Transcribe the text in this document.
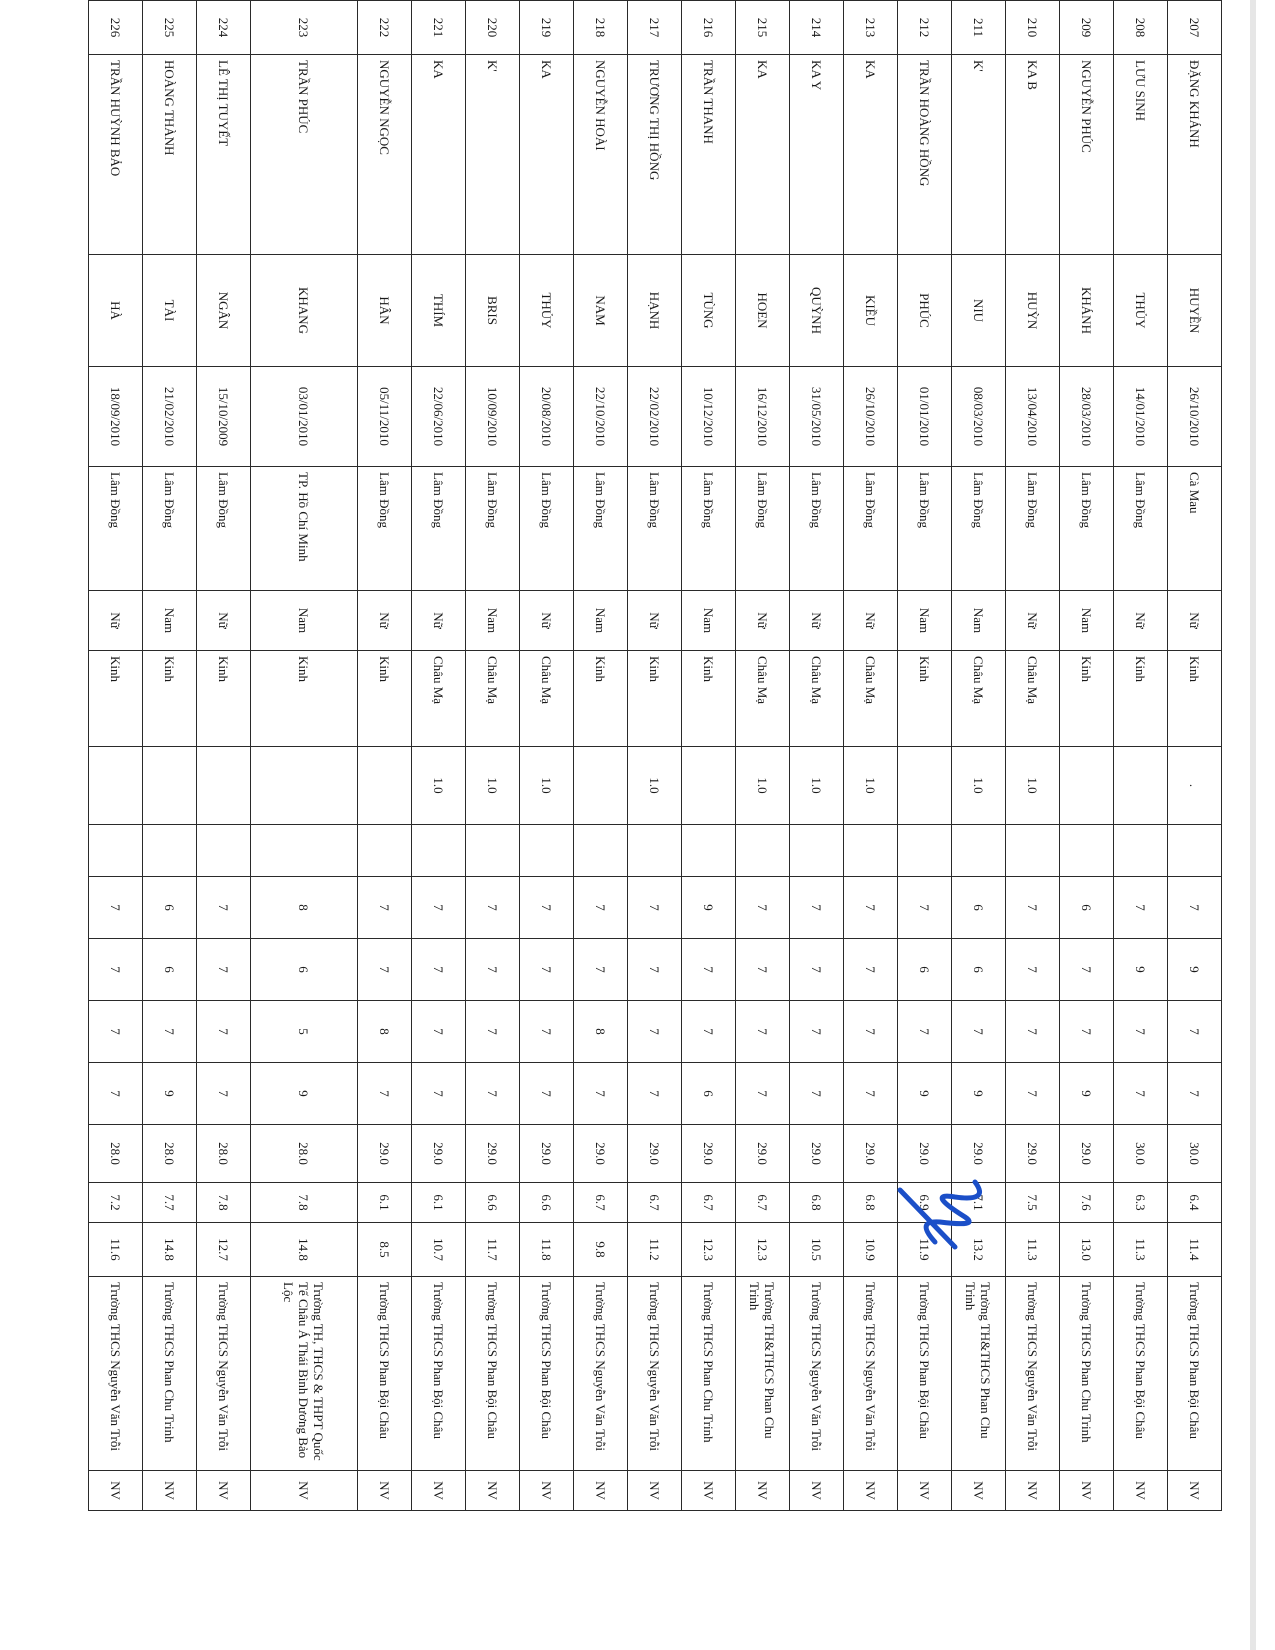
207	ĐẶNG KHÁNH	HUYỀN	26/10/2010	Cà Mau	Nữ	Kinh	.		7	9	7	7	30.0	6.4	11.4	Trường THCS Phan Bội Châu	NV
208	LƯU SINH	THỦY	14/01/2010	Lâm Đồng	Nữ	Kinh			7	9	7	7	30.0	6.3	11.3	Trường THCS Phan Bội Châu	NV
209	NGUYỄN PHÚC	KHÁNH	28/03/2010	Lâm Đồng	Nam	Kinh			6	7	7	9	29.0	7.6	13.0	Trường THCS Phan Chu Trinh	NV
210	KA B	HUỲN	13/04/2010	Lâm Đồng	Nữ	Châu Mạ	1.0		7	7	7	7	29.0	7.5	11.3	Trường THCS Nguyễn Văn Trỗi	NV
211	K'	NIU	08/03/2010	Lâm Đồng	Nam	Châu Mạ	1.0		6	6	7	9	29.0	7.1	13.2	Trường TH&THCS Phan Chu Trinh	NV
212	TRẦN HOÀNG HỒNG	PHÚC	01/01/2010	Lâm Đồng	Nam	Kinh			7	6	7	9	29.0	6.9	11.9	Trường THCS Phan Bội Châu	NV
213	KA	KIỀU	26/10/2010	Lâm Đồng	Nữ	Châu Mạ	1.0		7	7	7	7	29.0	6.8	10.9	Trường THCS Nguyễn Văn Trỗi	NV
214	KA Y	QUỲNH	31/05/2010	Lâm Đồng	Nữ	Châu Mạ	1.0		7	7	7	7	29.0	6.8	10.5	Trường THCS Nguyễn Văn Trỗi	NV
215	KA	HOEN	16/12/2010	Lâm Đồng	Nữ	Châu Mạ	1.0		7	7	7	7	29.0	6.7	12.3	Trường TH&THCS Phan Chu Trinh	NV
216	TRẦN THANH	TÙNG	10/12/2010	Lâm Đồng	Nam	Kinh			9	7	7	6	29.0	6.7	12.3	Trường THCS Phan Chu Trinh	NV
217	TRƯƠNG THỊ HỒNG	HẠNH	22/02/2010	Lâm Đồng	Nữ	Kinh	1.0		7	7	7	7	29.0	6.7	11.2	Trường THCS Nguyễn Văn Trỗi	NV
218	NGUYỄN HOÀI	NAM	22/10/2010	Lâm Đồng	Nam	Kinh			7	7	8	7	29.0	6.7	9.8	Trường THCS Nguyễn Văn Trỗi	NV
219	KA	THỦY	20/08/2010	Lâm Đồng	Nữ	Châu Mạ	1.0		7	7	7	7	29.0	6.6	11.8	Trường THCS Phan Bội Châu	NV
220	K'	BRIS	10/09/2010	Lâm Đồng	Nam	Châu Mạ	1.0		7	7	7	7	29.0	6.6	11.7	Trường THCS Phan Bội Châu	NV
221	KA	THÍM	22/06/2010	Lâm Đồng	Nữ	Châu Mạ	1.0		7	7	7	7	29.0	6.1	10.7	Trường THCS Phan Bội Châu	NV
222	NGUYỄN NGỌC	HÂN	05/11/2010	Lâm Đồng	Nữ	Kinh			7	7	8	7	29.0	6.1	8.5	Trường THCS Phan Bội Châu	NV
223	TRẦN PHÚC	KHANG	03/01/2010	TP. Hồ Chí Minh	Nam	Kinh			8	6	5	9	28.0	7.8	14.8	Trường TH, THCS & THPT Quốc Tế Châu Á Thái Bình Dương Bảo Lộc	NV
224	LÊ THỊ TUYẾT	NGÂN	15/10/2009	Lâm Đồng	Nữ	Kinh			7	7	7	7	28.0	7.8	12.7	Trường THCS Nguyễn Văn Trỗi	NV
225	HOÀNG THÀNH	TÀI	21/02/2010	Lâm Đồng	Nam	Kinh			6	6	7	9	28.0	7.7	14.8	Trường THCS Phan Chu Trinh	NV
226	TRẦN HUỲNH BẢO	HÀ	18/09/2010	Lâm Đồng	Nữ	Kinh			7	7	7	7	28.0	7.2	11.6	Trường THCS Nguyễn Văn Trỗi	NV
